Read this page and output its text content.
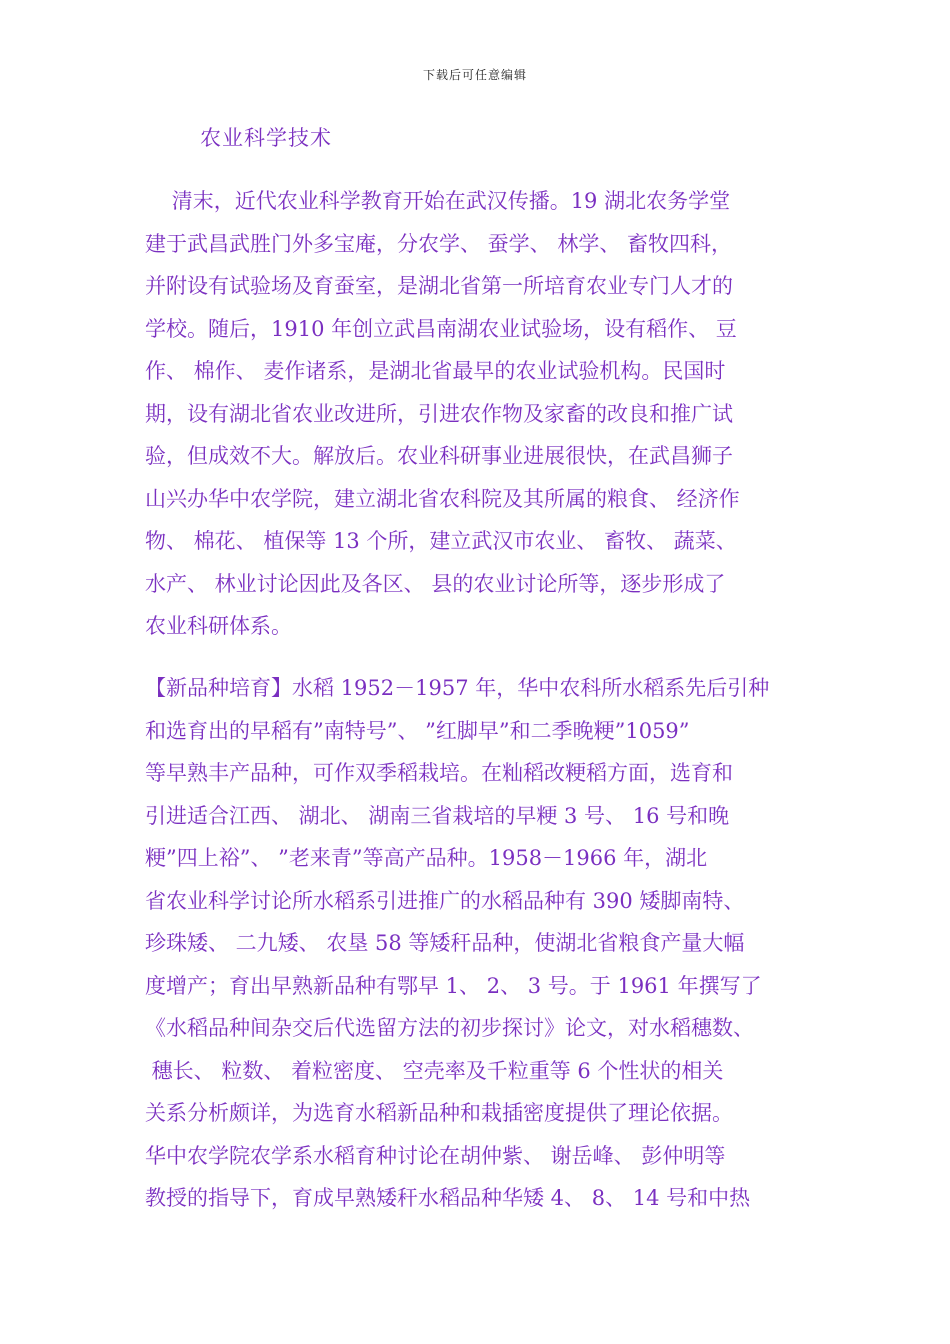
下载后可任意编辑
农业科学技术
清末，近代农业科学教育开始在武汉传播。19 湖北农务学堂
建于武昌武胜门外多宝庵，分农学、 蚕学、 林学、 畜牧四科，
并附设有试验场及育蚕室，是湖北省第一所培育农业专门人才的
学校。随后，1910 年创立武昌南湖农业试验场，设有稻作、 豆
作、 棉作、 麦作诸系，是湖北省最早的农业试验机构。民国时
期，设有湖北省农业改进所，引进农作物及家畜的改良和推广试
验，但成效不大。解放后。农业科研事业进展很快，在武昌狮子
山兴办华中农学院，建立湖北省农科院及其所属的粮食、 经济作
物、 棉花、 植保等 13 个所，建立武汉市农业、 畜牧、 蔬菜、
水产、 林业讨论因此及各区、 县的农业讨论所等，逐步形成了
农业科研体系。
【新品种培育】水稻 1952－1957 年，华中农科所水稻系先后引种
和选育出的早稻有”南特号”、 ”红脚早”和二季晚粳”1059”
等早熟丰产品种，可作双季稻栽培。在籼稻改粳稻方面，选育和
引进适合江西、 湖北、 湖南三省栽培的早粳 3 号、 16 号和晚
粳”四上裕”、 ”老来青”等高产品种。1958－1966 年，湖北
省农业科学讨论所水稻系引进推广的水稻品种有 390 矮脚南特、
珍珠矮、 二九矮、 农垦 58 等矮秆品种，使湖北省粮食产量大幅
度增产；育出早熟新品种有鄂早 1、 2、 3 号。于 1961 年撰写了
《水稻品种间杂交后代选留方法的初步探讨》论文，对水稻穗数、
穗长、 粒数、 着粒密度、 空壳率及千粒重等 6 个性状的相关
关系分析颇详，为选育水稻新品种和栽插密度提供了理论依据。
华中农学院农学系水稻育种讨论在胡仲紫、 谢岳峰、 彭仲明等
教授的指导下，育成早熟矮秆水稻品种华矮 4、 8、 14 号和中热
